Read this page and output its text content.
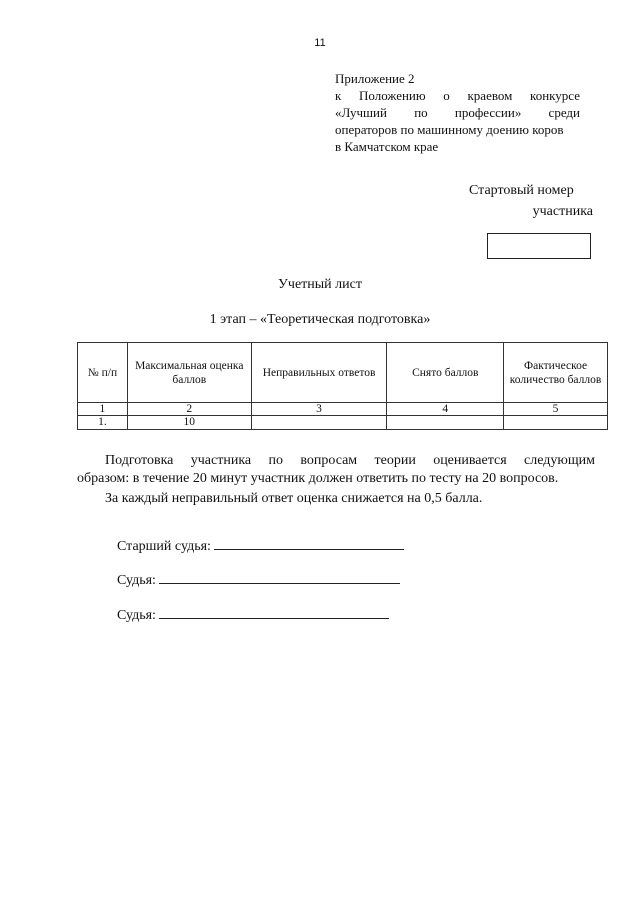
11
Приложение 2
к Положению о краевом конкурсе
«Лучший по профессии» среди
операторов по машинному доению коров
в Камчатском крае
Стартовый номер
участника
Учетный лист
1 этап – «Теоретическая подготовка»
№ п/п	Максимальная оценка баллов	Неправильных ответов	Снято баллов	Фактическое количество баллов
1	2	3	4	5
1.	10			
Подготовка участника по вопросам теории оценивается следующим
образом: в течение 20 минут участник должен ответить по тесту на 20 вопросов.
За каждый неправильный ответ оценка снижается на 0,5 балла.
Старший судья:
Судья:
Судья:
